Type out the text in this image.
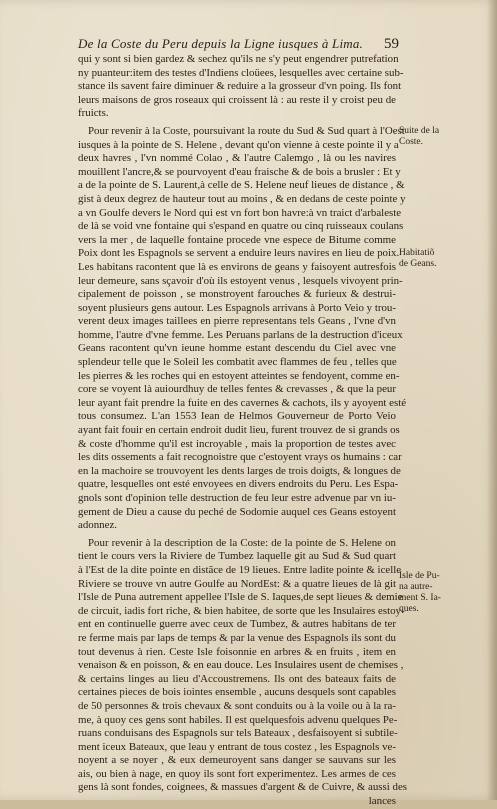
De la Coste du Peru depuis la Ligne iusques à Lima.	59
qui y sont si bien gardez & sechez qu'ils ne s'y peut engendrer putrefation
ny puanteur:item des testes d'Indiens cloüees, lesquelles avec certaine sub-
stance ils savent faire diminuer & reduire a la grosseur d'vn poing. Ils font
leurs maisons de gros roseaux qui croissent là : au reste il y croist peu de
fruicts.
Pour revenir à la Coste, poursuivant la route du Sud & Sud quart à l'Oest
iusques à la pointe de S. Helene , devant qu'on vienne à ceste pointe il y a
deux havres , l'vn nommé Colao , & l'autre Calemgo , là ou les navires
mouillent l'ancre,& se pourvoyent d'eau fraische & de bois a brusler : Et y
a de la pointe de S. Laurent,à celle de S. Helene neuf lieues de distance , &
gist à deux degrez de hauteur tout au moins , & en dedans de ceste pointe y
a vn Goulfe devers le Nord qui est vn fort bon havre:à vn traict d'arbaleste
de là se void vne fontaine qui s'espand en quatre ou cinq ruisseaux coulans
vers la mer , de laquelle fontaine procede vne espece de Bitume comme
Poix dont les Espagnols se servent a enduire leurs navires en lieu de poix.
Les habitans racontent que là es environs de geans y faisoyent autresfois
leur demeure, sans sçavoir d'où ils estoyent venus , lesquels vivoyent prin-
cipalement de poisson , se monstroyent farouches & furieux & destrui-
soyent plusieurs gens autour. Les Espagnols arrivans à Porto Veio y trou-
verent deux images taillees en pierre representans tels Geans , l'vne d'vn
homme, l'autre d'vne femme. Les Peruans parlans de la destruction d'iceux
Geans racontent qu'vn ieune homme estant descendu du Ciel avec vne
splendeur telle que le Soleil les combatit avec flammes de feu , telles que
les pierres & les roches qui en estoyent atteintes se fendoyent, comme en-
core se voyent là auiourdhuy de telles fentes & crevasses , & que la peur
leur ayant fait prendre la fuite en des cavernes & cachots, ils y ayoyent esté
tous consumez. L'an 1553 Iean de Helmos Gouverneur de Porto Veio
ayant fait fouir en certain endroit dudit lieu, furent trouvez de si grands os
& coste d'homme qu'il est incroyable , mais la proportion de testes avec
les dits ossements a fait recognoistre que c'estoyent vrays os humains : car
en la machoire se trouvoyent les dents larges de trois doigts, & longues de
quatre, lesquelles ont esté envoyees en divers endroits du Peru. Les Espa-
gnols sont d'opinion telle destruction de feu leur estre advenue par vn iu-
gement de Dieu a cause du peché de Sodomie auquel ces Geans estoyent
adonnez.
Pour revenir à la description de la Coste: de la pointe de S. Helene on
tient le cours vers la Riviere de Tumbez laquelle git au Sud & Sud quart
à l'Est de la dite pointe en distãce de 19 lieues. Entre ladite pointe & icelle
Riviere se trouve vn autre Goulfe au NordEst: & a quatre lieues de là git
l'Isle de Puna autrement appellee l'Isle de S. Iaques,de sept lieues & demie
de circuit, iadis fort riche, & bien habitee, de sorte que les Insulaires estoy-
ent en continuelle guerre avec ceux de Tumbez, & autres habitans de ter
re ferme mais par laps de temps & par la venue des Espagnols ils sont du
tout devenus à rien. Ceste Isle foisonnie en arbres & en fruits , item en
venaison & en poisson, & en eau douce. Les Insulaires usent de chemises ,
& certains linges au lieu d'Accoustremens. Ils ont des bateaux faits de
certaines pieces de bois iointes ensemble , aucuns desquels sont capables
de 50 personnes & trois chevaux & sont conduits ou à la voile ou à la ra-
me, à quoy ces gens sont habiles. Il est quelquesfois advenu quelques Pe-
ruans conduisans des Espagnols sur tels Bateaux , desfaisoyent si subtile-
ment iceux Bateaux, que leau y entrant de tous costez , les Espagnols ve-
noyent a se noyer , & eux demeuroyent sans danger se sauvans sur les
ais, ou bien à nage, en quoy ils sont fort experimentez. Les armes de ces
gens là sont fondes, coignees, & massues d'argent & de Cuivre, & aussi des
lances
Suite de la
Coste.
Habitatiõ
de Geans.
Isle de Pu-
na autre-
ment S. Ia-
ques.
